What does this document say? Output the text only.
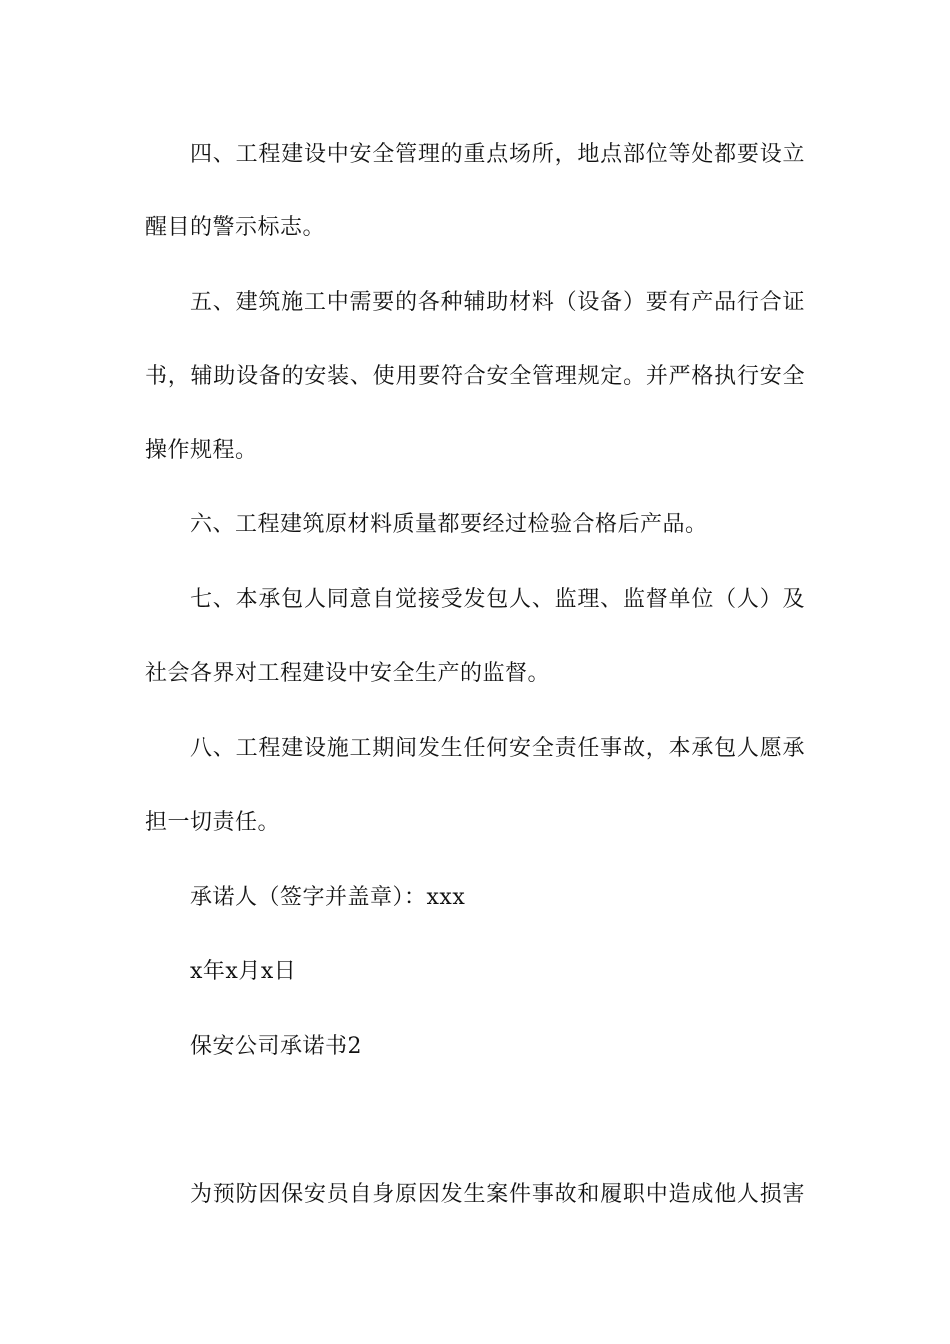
四、工程建设中安全管理的重点场所，地点部位等处都要设立
醒目的警示标志。
五、建筑施工中需要的各种辅助材料（设备）要有产品行合证
书，辅助设备的安装、使用要符合安全管理规定。并严格执行安全
操作规程。
六、工程建筑原材料质量都要经过检验合格后产品。
七、本承包人同意自觉接受发包人、监理、监督单位（人）及
社会各界对工程建设中安全生产的监督。
八、工程建设施工期间发生任何安全责任事故，本承包人愿承
担一切责任。
承诺人（签字并盖章）：xxx
x年x月x日
保安公司承诺书2
为预防因保安员自身原因发生案件事故和履职中造成他人损害
